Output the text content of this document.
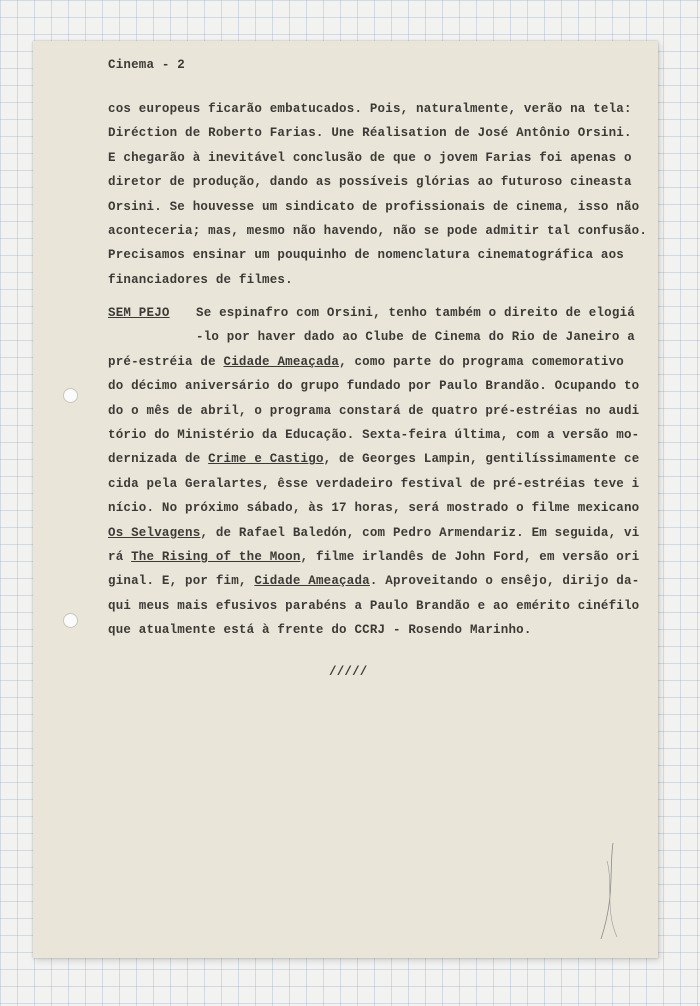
Cinema - 2
cos europeus ficarão embatucados. Pois, naturalmente, verão na tela:
Diréction de Roberto Farias. Une Réalisation de José Antônio Orsini.
E chegarão à inevitável conclusão de que o jovem Farias foi apenas o
diretor de produção, dando as possíveis glórias ao futuroso cineasta
Orsini. Se houvesse um sindicato de profissionais de cinema, isso não
aconteceria; mas, mesmo não havendo, não se pode admitir tal confusão.
Precisamos ensinar um pouquinho de nomenclatura cinematográfica aos
financiadores de filmes.
SEM PEJO Se espinafro com Orsini, tenho também o direito de elogiá
-lo por haver dado ao Clube de Cinema do Rio de Janeiro a
pré-estréia de Cidade Ameaçada, como parte do programa comemorativo
do décimo aniversário do grupo fundado por Paulo Brandão. Ocupando to
do o mês de abril, o programa constará de quatro pré-estréias no audi
tório do Ministério da Educação. Sexta-feira última, com a versão mo-
dernizada de Crime e Castigo, de Georges Lampin, gentilíssimamente ce
cida pela Geralartes, êsse verdadeiro festival de pré-estréias teve i
nício. No próximo sábado, às 17 horas, será mostrado o filme mexicano
Os Selvagens, de Rafael Baledón, com Pedro Armendariz. Em seguida, vi
rá The Rising of the Moon, filme irlandês de John Ford, em versão ori
ginal. E, por fim, Cidade Ameaçada. Aproveitando o ensêjo, dirijo da-
qui meus mais efusivos parabéns a Paulo Brandão e ao emérito cinéfilo
que atualmente está à frente do CCRJ - Rosendo Marinho.
/////
